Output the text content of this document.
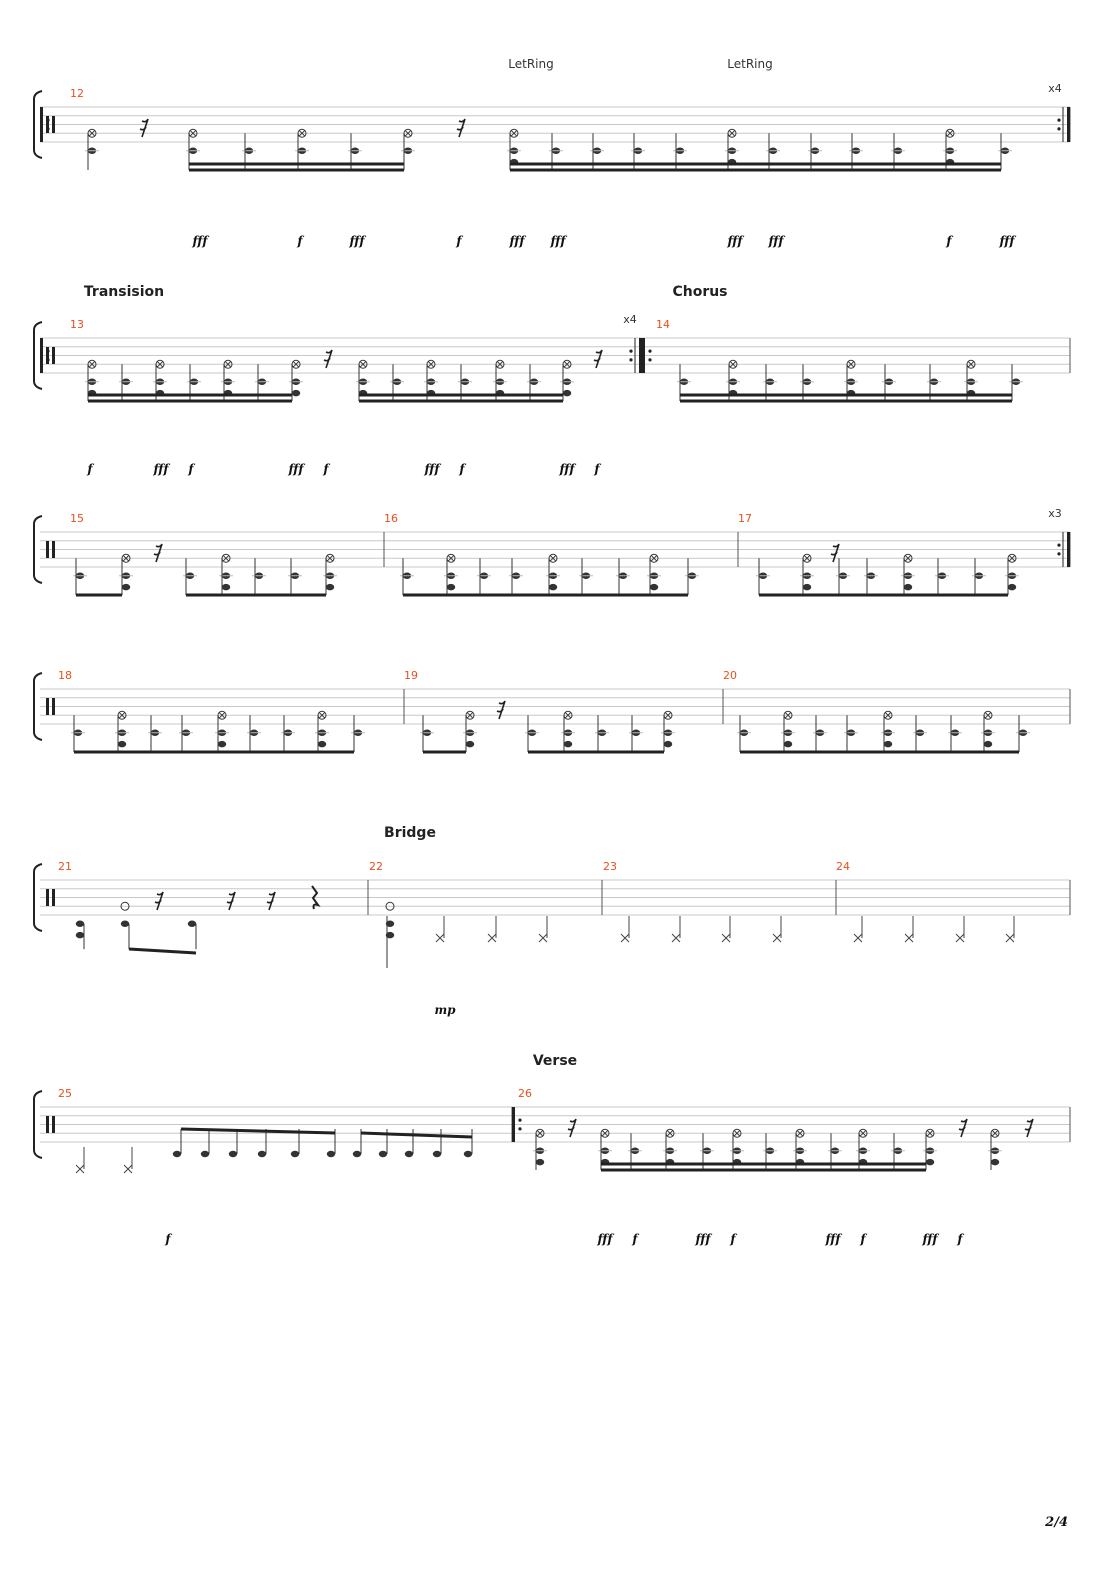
12	x4
LetRing	LetRing
fff	f	fff	f	fff fff	fff fff	f	fff
13	x4
Transision
f	fff f	fff f	fff f	fff f
14
Chorus
15	16	17	x3
18	19	20
21	22
Bridge
mp
23	24
25
f
26
Verse
fff f	fff f	fff f	fff f
2/4
